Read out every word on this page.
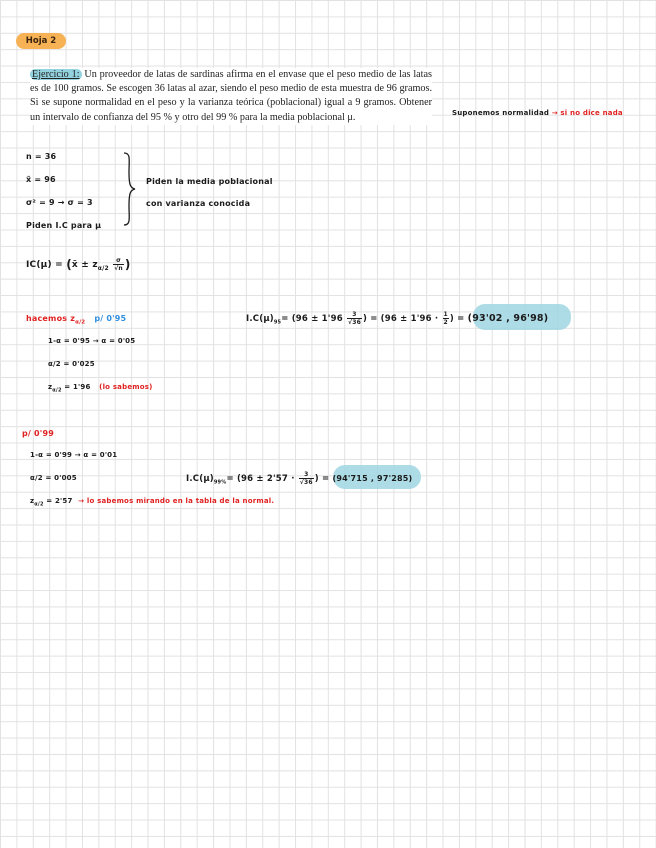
Hoja 2
Ejercicio 1: Un proveedor de latas de sardinas afirma en el envase que el peso medio de las latas es de 100 gramos. Se escogen 36 latas al azar, siendo el peso medio de esta muestra de 96 gramos. Si se supone normalidad en el peso y la varianza teórica (poblacional) igual a 9 gramos. Obtener un intervalo de confianza del 95 % y otro del 99 % para la media poblacional μ.	Suponemos normalidad → si no dice nada
n = 36
x̄ = 96
σ² = 9 → σ = 3
Piden I.C para μ
Piden la media poblacional
con varianza conocida
IC(μ) = (x̄ ± $z_{\alpha/2} \frac{\sigma}{√n}$ )
hacemos $z_{\alpha/2}$ p/ 0'95
1-α = 0'95 → α = 0'05
α/2 = 0'025
$z_{\alpha/2} = 1'96$ (lo sabemos)
$I.C(\mu)_{95}= (96 \pm 1'96 \frac{3}{√36}$ ) = ($96 \pm 1'96 \cdot \frac{1}{2}$ ) = (93'02 , 96'98)
p/ 0'99
1-α = 0'99 → α = 0'01
α/2 = 0'005
$z_{\alpha/2} = 2'57$ → lo sabemos mirando en la tabla de la normal.
$I.C(\mu)_{99\%}= (96 \pm 2'57 \cdot \frac{3}{√36}$ ) = (94'715 , 97'285)
